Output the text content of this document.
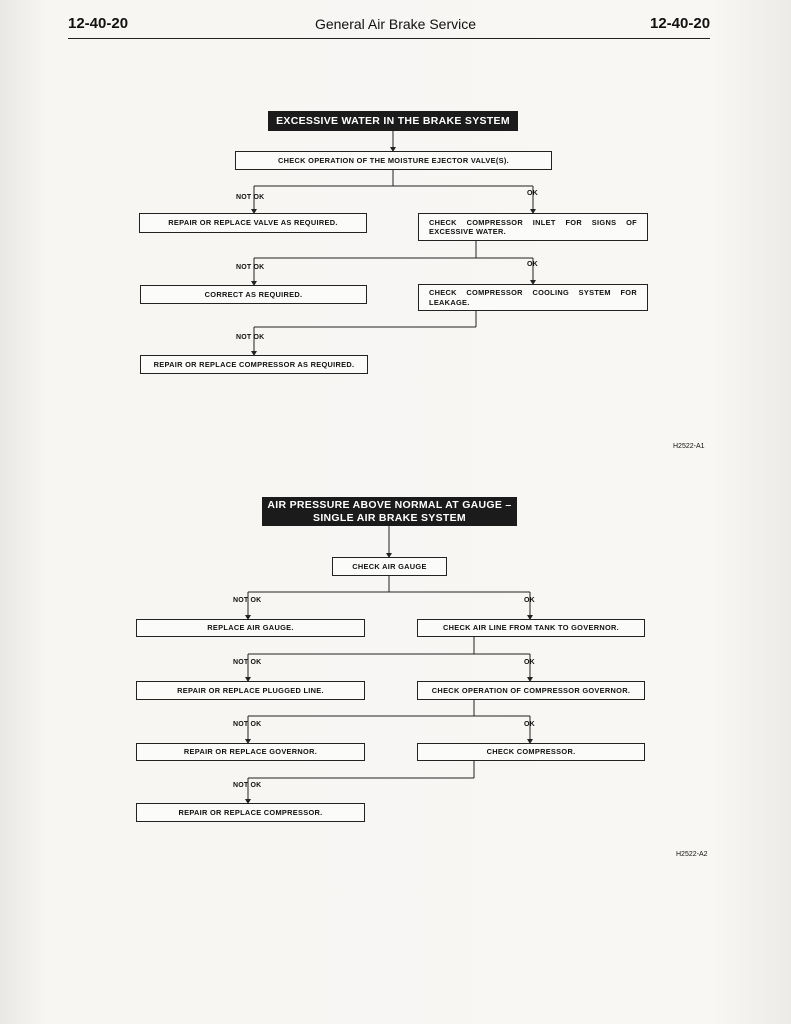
12-40-20	General Air Brake Service	12-40-20
EXCESSIVE WATER IN THE BRAKE SYSTEM
CHECK OPERATION OF THE MOISTURE EJECTOR VALVE(S).
NOT OK
OK
REPAIR OR REPLACE VALVE AS REQUIRED.	CHECK COMPRESSOR INLET FOR SIGNS OF EXCESSIVE WATER.
NOT OK	OK
CORRECT AS REQUIRED.	CHECK COMPRESSOR COOLING SYSTEM FOR LEAKAGE.
NOT OK
REPAIR OR REPLACE COMPRESSOR AS REQUIRED.
H2522-A1
AIR PRESSURE ABOVE NORMAL AT GAUGE –
SINGLE AIR BRAKE SYSTEM
CHECK AIR GAUGE
NOT OK	OK
REPLACE AIR GAUGE.	CHECK AIR LINE FROM TANK TO GOVERNOR.
NOT OK	OK
REPAIR OR REPLACE PLUGGED LINE.	CHECK OPERATION OF COMPRESSOR GOVERNOR.
NOT OK	OK
REPAIR OR REPLACE GOVERNOR.	CHECK COMPRESSOR.
NOT OK
REPAIR OR REPLACE COMPRESSOR.
H2522-A2
